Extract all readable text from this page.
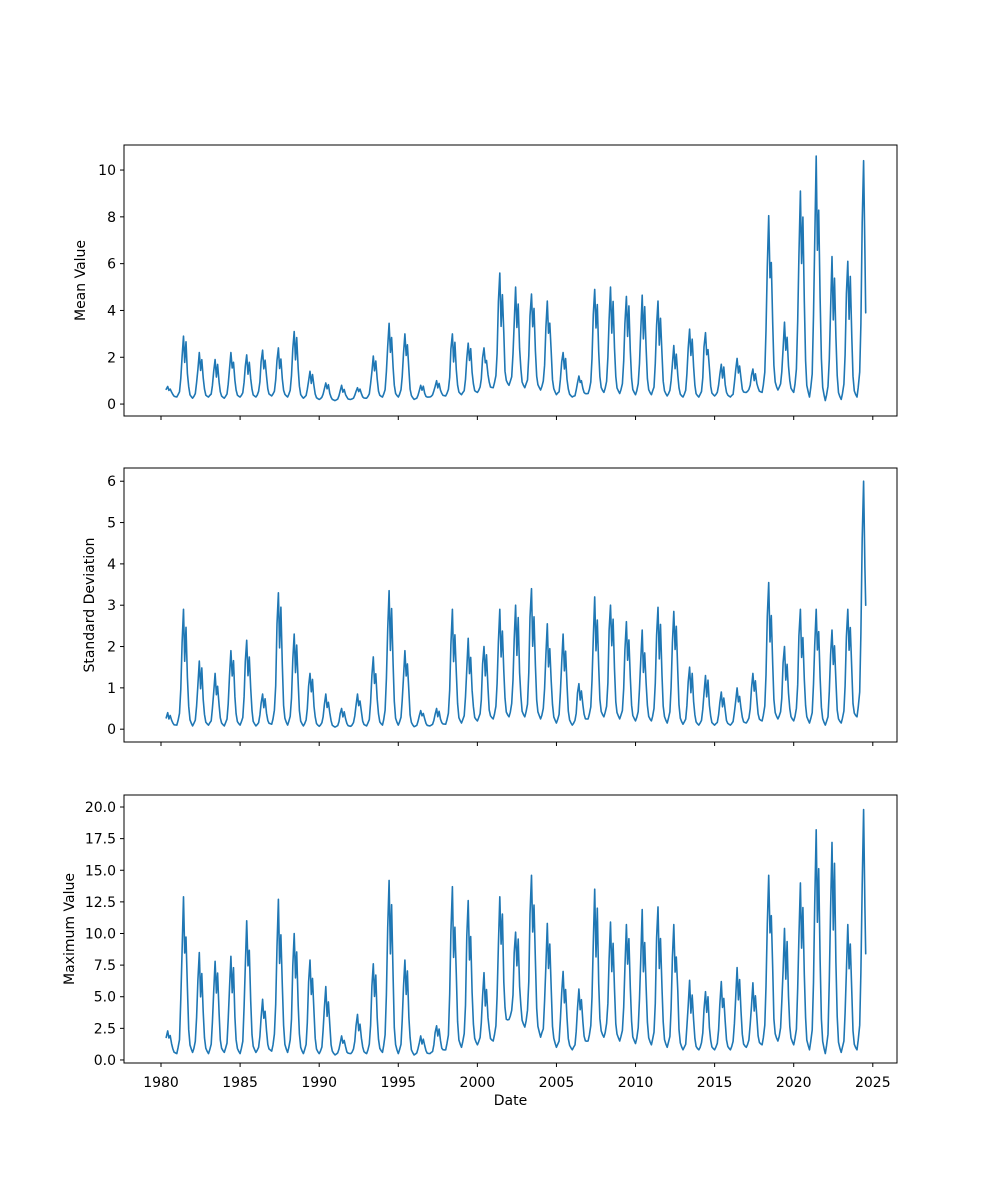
0
2
4
6
8
10
0
1
2
3
4
5
6
1980	1985	1990	1995	2000	2005	2010	2015	2020	2025
0.0
2.5
5.0
7.5
10.0
12.5
15.0
17.5
20.0
Mean Value
Standard Deviation
Maximum Value
Date
